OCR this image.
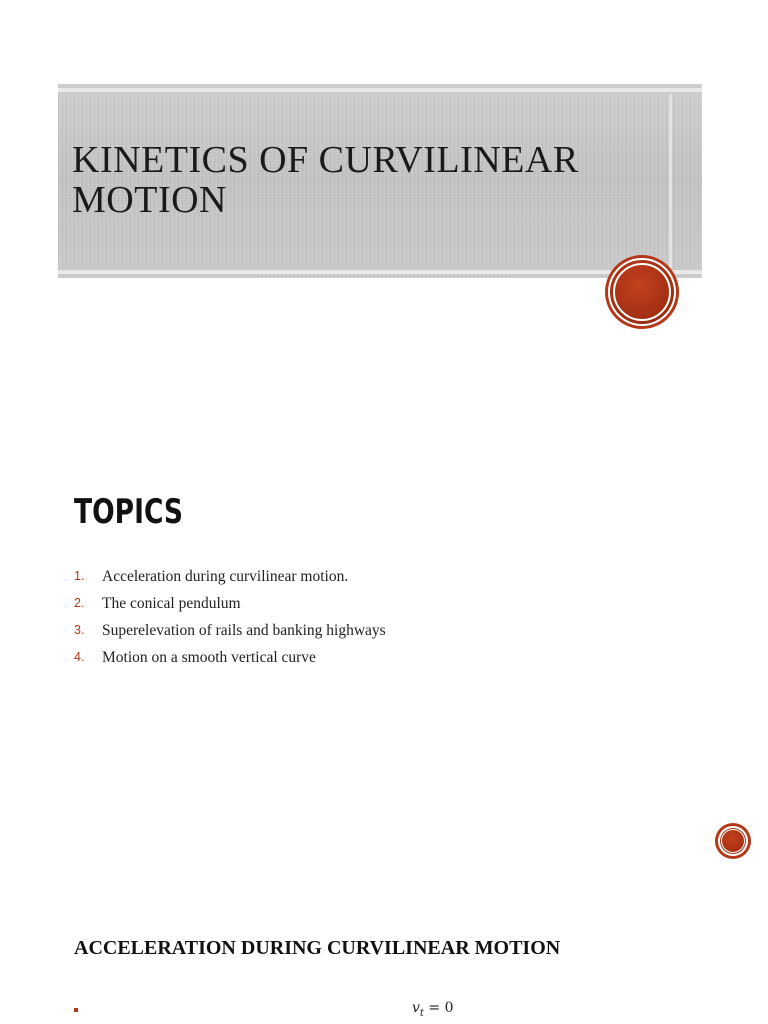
KINETICS OF CURVILINEAR
MOTION
TOPICS
1. Acceleration during curvilinear motion.
2. The conical pendulum
3. Superelevation of rails and banking highways
4. Motion on a smooth vertical curve
ACCELERATION DURING CURVILINEAR MOTION
$v_t = 0$
